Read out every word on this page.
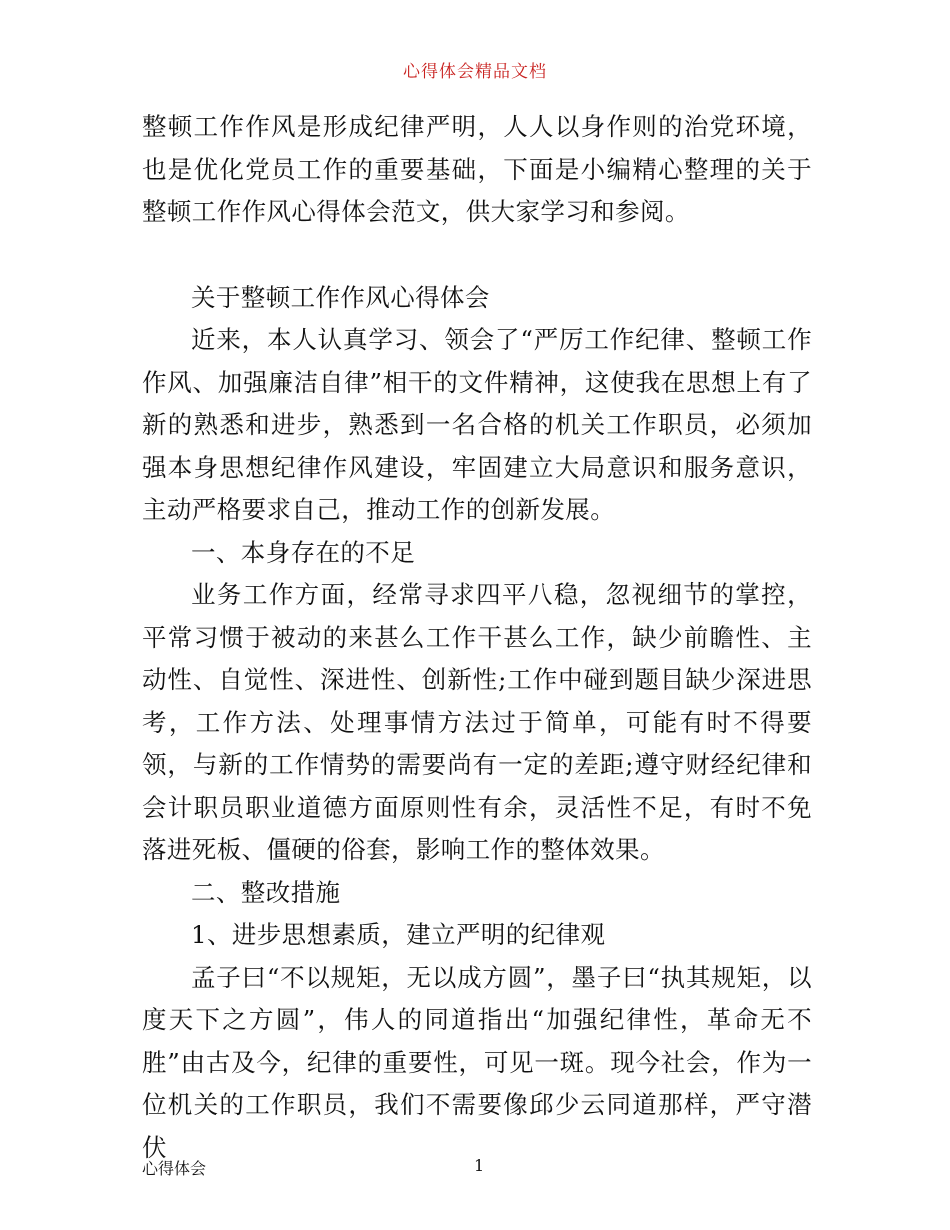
心得体会精品文档

整顿工作作风是形成纪律严明，人人以身作则的治党环境，也是优化党员工作的重要基础，下面是小编精心整理的关于整顿工作作风心得体会范文，供大家学习和参阅。

关于整顿工作作风心得体会

近来，本人认真学习、领会了“严厉工作纪律、整顿工作作风、加强廉洁自律”相干的文件精神，这使我在思想上有了新的熟悉和进步，熟悉到一名合格的机关工作职员，必须加强本身思想纪律作风建设，牢固建立大局意识和服务意识，主动严格要求自己，推动工作的创新发展。

一、本身存在的不足

业务工作方面，经常寻求四平八稳，忽视细节的掌控，平常习惯于被动的来甚么工作干甚么工作，缺少前瞻性、主动性、自觉性、深进性、创新性;工作中碰到题目缺少深进思考，工作方法、处理事情方法过于简单，可能有时不得要领，与新的工作情势的需要尚有一定的差距;遵守财经纪律和会计职员职业道德方面原则性有余，灵活性不足，有时不免落进死板、僵硬的俗套，影响工作的整体效果。

二、整改措施

1、进步思想素质，建立严明的纪律观

孟子曰“不以规矩，无以成方圆”，墨子曰“执其规矩，以度天下之方圆”，伟人的同道指出“加强纪律性，革命无不胜”由古及今，纪律的重要性，可见一斑。现今社会，作为一位机关的工作职员，我们不需要像邱少云同道那样，严守潜伏

心得体会	1
